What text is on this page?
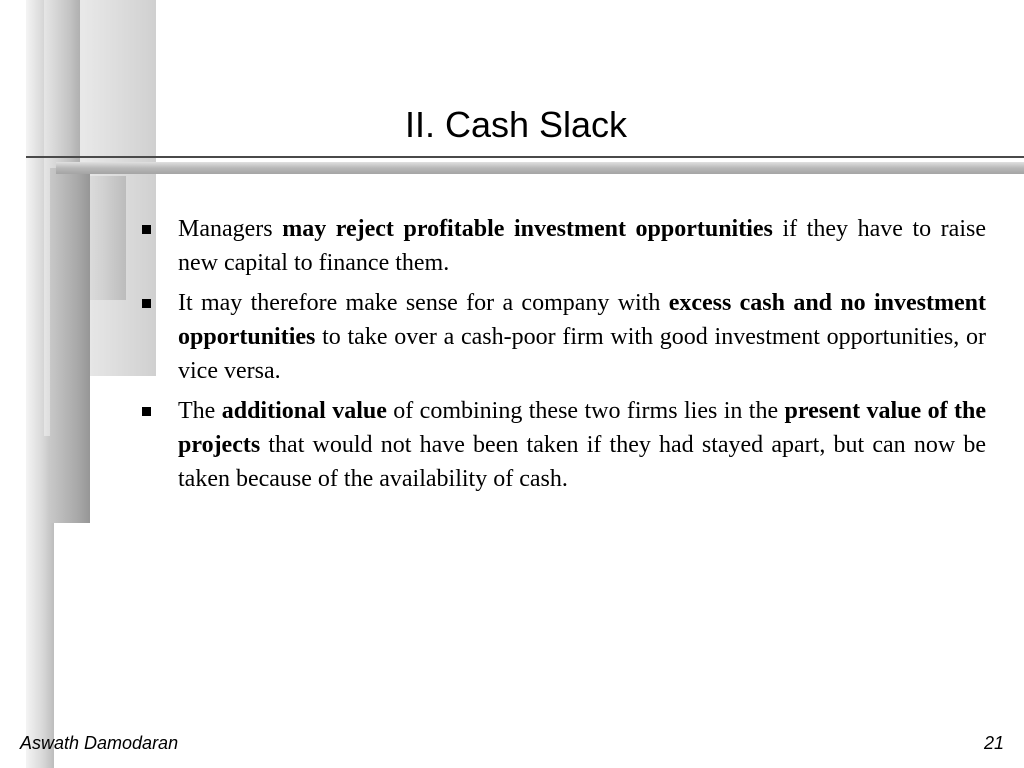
II. Cash Slack
Managers may reject profitable investment opportunities if they have to raise new capital to finance them.
It may therefore make sense for a company with excess cash and no investment opportunities to take over a cash-poor firm with good investment opportunities, or vice versa.
The additional value of combining these two firms lies in the present value of the projects that would not have been taken if they had stayed apart, but can now be taken because of the availability of cash.
Aswath Damodaran	21
